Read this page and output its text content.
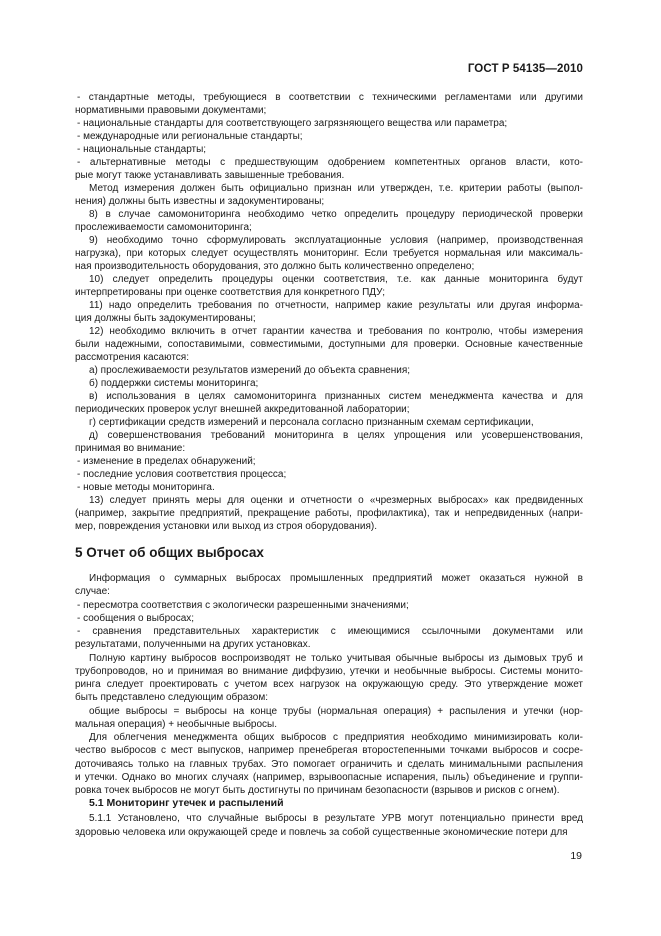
ГОСТ Р 54135—2010
- стандартные методы, требующиеся в соответствии с техническими регламентами или другими
нормативными правовыми документами;
- национальные стандарты для соответствующего загрязняющего вещества или параметра;
- международные или региональные стандарты;
- национальные стандарты;
- альтернативные методы с предшествующим одобрением компетентных органов власти, кото-
рые могут также устанавливать завышенные требования.
Метод измерения должен быть официально признан или утвержден, т.е. критерии работы (выпол-
нения) должны быть известны и задокументированы;
8) в случае самомониторинга необходимо четко определить процедуру периодической проверки
прослеживаемости самомониторинга;
9) необходимо точно сформулировать эксплуатационные условия (например, производственная
нагрузка), при которых следует осуществлять мониторинг. Если требуется нормальная или максималь-
ная производительность оборудования, это должно быть количественно определено;
10) следует определить процедуры оценки соответствия, т.е. как данные мониторинга будут
интерпретированы при оценке соответствия для конкретного ПДУ;
11) надо определить требования по отчетности, например какие результаты или другая информа-
ция должны быть задокументированы;
12) необходимо включить в отчет гарантии качества и требования по контролю, чтобы измерения
были надежными, сопоставимыми, совместимыми, доступными для проверки. Основные качественные
рассмотрения касаются:
а) прослеживаемости результатов измерений до объекта сравнения;
б) поддержки системы мониторинга;
в) использования в целях самомониторинга признанных систем менеджмента качества и для
периодических проверок услуг внешней аккредитованной лаборатории;
г) сертификации средств измерений и персонала согласно признанным схемам сертификации,
д) совершенствования требований мониторинга в целях упрощения или усовершенствования,
принимая во внимание:
- изменение в пределах обнаружений;
- последние условия соответствия процесса;
- новые методы мониторинга.
13) следует принять меры для оценки и отчетности о «чрезмерных выбросах» как предвиденных
(например, закрытие предприятий, прекращение работы, профилактика), так и непредвиденных (напри-
мер, повреждения установки или выход из строя оборудования).
5 Отчет об общих выбросах
Информация о суммарных выбросах промышленных предприятий может оказаться нужной в
случае:
- пересмотра соответствия с экологически разрешенными значениями;
- сообщения о выбросах;
- сравнения представительных характеристик с имеющимися ссылочными документами или
результатами, полученными на других установках.
Полную картину выбросов воспроизводят не только учитывая обычные выбросы из дымовых труб и
трубопроводов, но и принимая во внимание диффузию, утечки и необычные выбросы. Системы монито-
ринга следует проектировать с учетом всех нагрузок на окружающую среду. Это утверждение может
быть представлено следующим образом:
общие выбросы = выбросы на конце трубы (нормальная операция) + распыления и утечки (нор-
мальная операция) + необычные выбросы.
Для облегчения менеджмента общих выбросов с предприятия необходимо минимизировать коли-
чество выбросов с мест выпусков, например пренебрегая второстепенными точками выбросов и сосре-
доточиваясь только на главных трубах. Это помогает ограничить и сделать минимальными распыления
и утечки. Однако во многих случаях (например, взрывоопасные испарения, пыль) объединение и группи-
ровка точек выбросов не могут быть достигнуты по причинам безопасности (взрывов и рисков с огнем).
5.1 Мониторинг утечек и распылений
5.1.1 Установлено, что случайные выбросы в результате УРВ могут потенциально принести вред
здоровью человека или окружающей среде и повлечь за собой существенные экономические потери для
19
